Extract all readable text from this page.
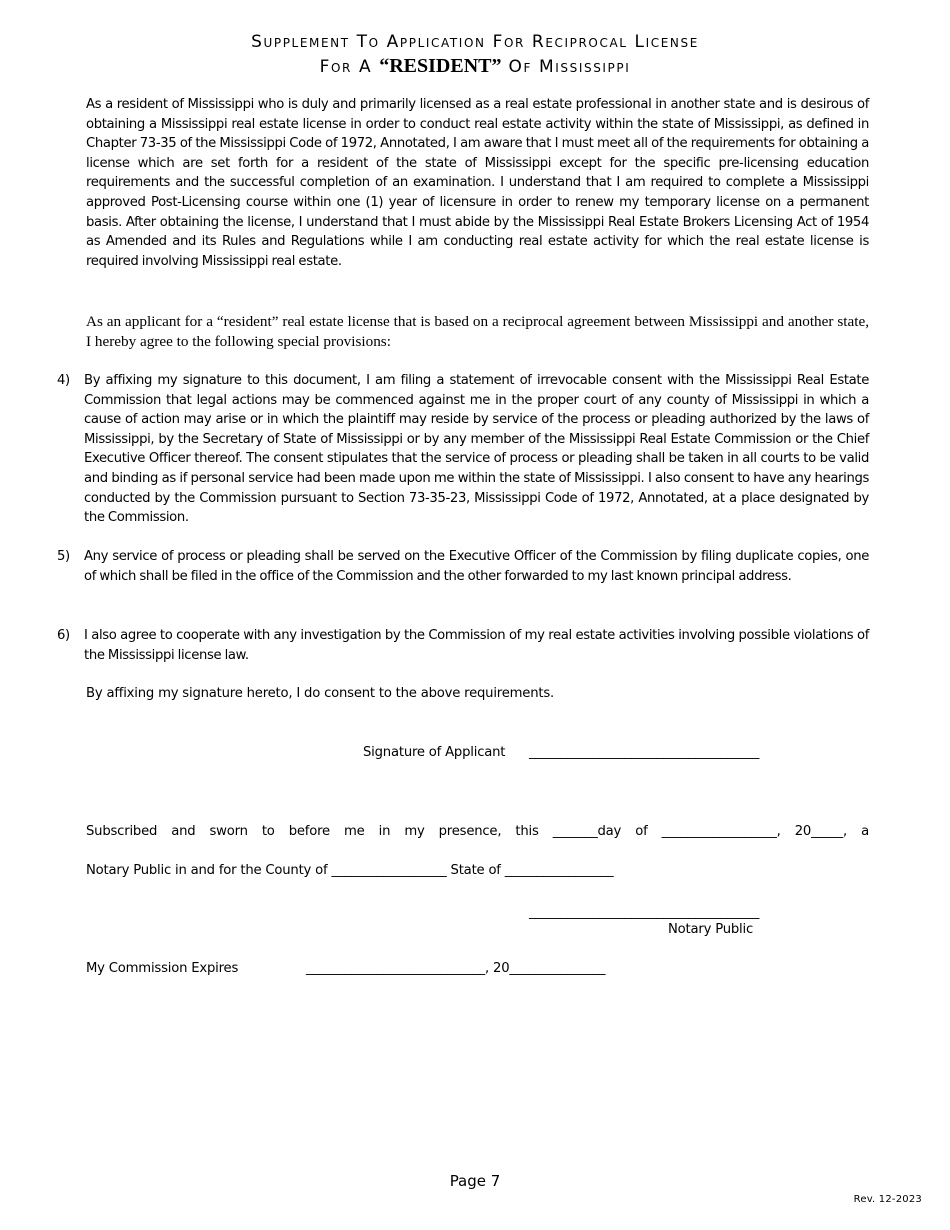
Supplement To Application For Reciprocal License
For A “RESIDENT” Of Mississippi
As a resident of Mississippi who is duly and primarily licensed as a real estate professional in another state and is desirous of obtaining a Mississippi real estate license in order to conduct real estate activity within the state of Mississippi, as defined in Chapter 73-35 of the Mississippi Code of 1972, Annotated, I am aware that I must meet all of the requirements for obtaining a license which are set forth for a resident of the state of Mississippi except for the specific pre-licensing education requirements and the successful completion of an examination. I understand that I am required to complete a Mississippi approved Post-Licensing course within one (1) year of licensure in order to renew my temporary license on a permanent basis. After obtaining the license, I understand that I must abide by the Mississippi Real Estate Brokers Licensing Act of 1954 as Amended and its Rules and Regulations while I am conducting real estate activity for which the real estate license is required involving Mississippi real estate.
As an applicant for a “resident” real estate license that is based on a reciprocal agreement between Mississippi and another state, I hereby agree to the following special provisions:
4) By affixing my signature to this document, I am filing a statement of irrevocable consent with the Mississippi Real Estate Commission that legal actions may be commenced against me in the proper court of any county of Mississippi in which a cause of action may arise or in which the plaintiff may reside by service of the process or pleading authorized by the laws of Mississippi, by the Secretary of State of Mississippi or by any member of the Mississippi Real Estate Commission or the Chief Executive Officer thereof. The consent stipulates that the service of process or pleading shall be taken in all courts to be valid and binding as if personal service had been made upon me within the state of Mississippi. I also consent to have any hearings conducted by the Commission pursuant to Section 73-35-23, Mississippi Code of 1972, Annotated, at a place designated by the Commission.
5) Any service of process or pleading shall be served on the Executive Officer of the Commission by filing duplicate copies, one of which shall be filed in the office of the Commission and the other forwarded to my last known principal address.
6) I also agree to cooperate with any investigation by the Commission of my real estate activities involving possible violations of the Mississippi license law.
By affixing my signature hereto, I do consent to the above requirements.
Signature of Applicant ____________________________________
Subscribed and sworn to before me in my presence, this _______day of __________________, 20_____, a
Notary Public in and for the County of __________________ State of _________________
____________________________________
Notary Public
My Commission Expires	____________________________, 20_______________
Page 7
Rev. 12-2023
